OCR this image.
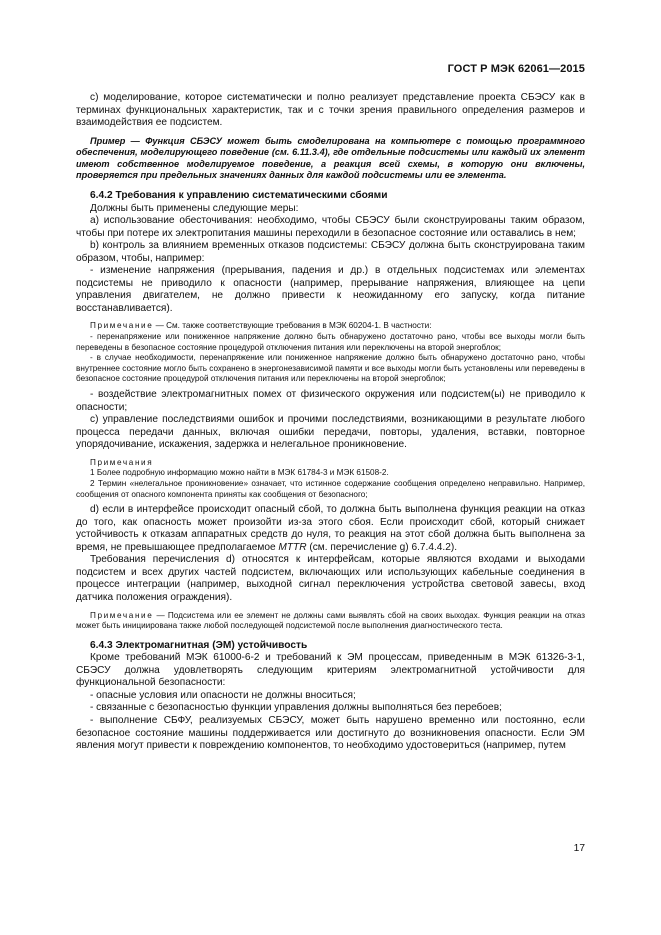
ГОСТ Р МЭК 62061—2015

c) моделирование, которое систематически и полно реализует представление проекта СБЭСУ как в терминах функциональных характеристик, так и с точки зрения правильного определения размеров и взаимодействия ее подсистем.

Пример — Функция СБЭСУ может быть смоделирована на компьютере с помощью программного обеспечения, моделирующего поведение (см. 6.11.3.4), где отдельные подсистемы или каждый их элемент имеют собственное моделируемое поведение, а реакция всей схемы, в которую они включены, проверяется при предельных значениях данных для каждой подсистемы или ее элемента.

6.4.2 Требования к управлению систематическими сбоями

Должны быть применены следующие меры:

a) использование обесточивания: необходимо, чтобы СБЭСУ были сконструированы таким образом, чтобы при потере их электропитания машины переходили в безопасное состояние или оставались в нем;

b) контроль за влиянием временных отказов подсистемы: СБЭСУ должна быть сконструирована таким образом, чтобы, например:

- изменение напряжения (прерывания, падения и др.) в отдельных подсистемах или элементах подсистемы не приводило к опасности (например, прерывание напряжения, влияющее на цепи управления двигателем, не должно привести к неожиданному его запуску, когда питание восстанавливается).

Примечание — См. также соответствующие требования в МЭК 60204-1. В частности:

- перенапряжение или пониженное напряжение должно быть обнаружено достаточно рано, чтобы все выходы могли быть переведены в безопасное состояние процедурой отключения питания или переключены на второй энергоблок;

- в случае необходимости, перенапряжение или пониженное напряжение должно быть обнаружено достаточно рано, чтобы внутреннее состояние могло быть сохранено в энергонезависимой памяти и все выходы могли быть установлены или переведены в безопасное состояние процедурой отключения питания или переключены на второй энергоблок;

- воздействие электромагнитных помех от физического окружения или подсистем(ы) не приводило к опасности;

c) управление последствиями ошибок и прочими последствиями, возникающими в результате любого процесса передачи данных, включая ошибки передачи, повторы, удаления, вставки, повторное упорядочивание, искажения, задержка и нелегальное проникновение.

Примечания

1 Более подробную информацию можно найти в МЭК 61784-3 и МЭК 61508-2.

2 Термин «нелегальное проникновение» означает, что истинное содержание сообщения определено неправильно. Например, сообщения от опасного компонента приняты как сообщения от безопасного;

d) если в интерфейсе происходит опасный сбой, то должна быть выполнена функция реакции на отказ до того, как опасность может произойти из-за этого сбоя. Если происходит сбой, который снижает устойчивость к отказам аппаратных средств до нуля, то реакция на этот сбой должна быть выполнена за время, не превышающее предполагаемое MTTR (см. перечисление g) 6.7.4.4.2).

Требования перечисления d) относятся к интерфейсам, которые являются входами и выходами подсистем и всех других частей подсистем, включающих или использующих кабельные соединения в процессе интеграции (например, выходной сигнал переключения устройства световой завесы, вход датчика положения ограждения).

Примечание — Подсистема или ее элемент не должны сами выявлять сбой на своих выходах. Функция реакции на отказ может быть инициирована также любой последующей подсистемой после выполнения диагностического теста.

6.4.3 Электромагнитная (ЭМ) устойчивость

Кроме требований МЭК 61000-6-2 и требований к ЭМ процессам, приведенным в МЭК 61326-3-1, СБЭСУ должна удовлетворять следующим критериям электромагнитной устойчивости для функциональной безопасности:

- опасные условия или опасности не должны вноситься;

- связанные с безопасностью функции управления должны выполняться без перебоев;

- выполнение СБФУ, реализуемых СБЭСУ, может быть нарушено временно или постоянно, если безопасное состояние машины поддерживается или достигнуто до возникновения опасности. Если ЭМ явления могут привести к повреждению компонентов, то необходимо удостовериться (например, путем

17
